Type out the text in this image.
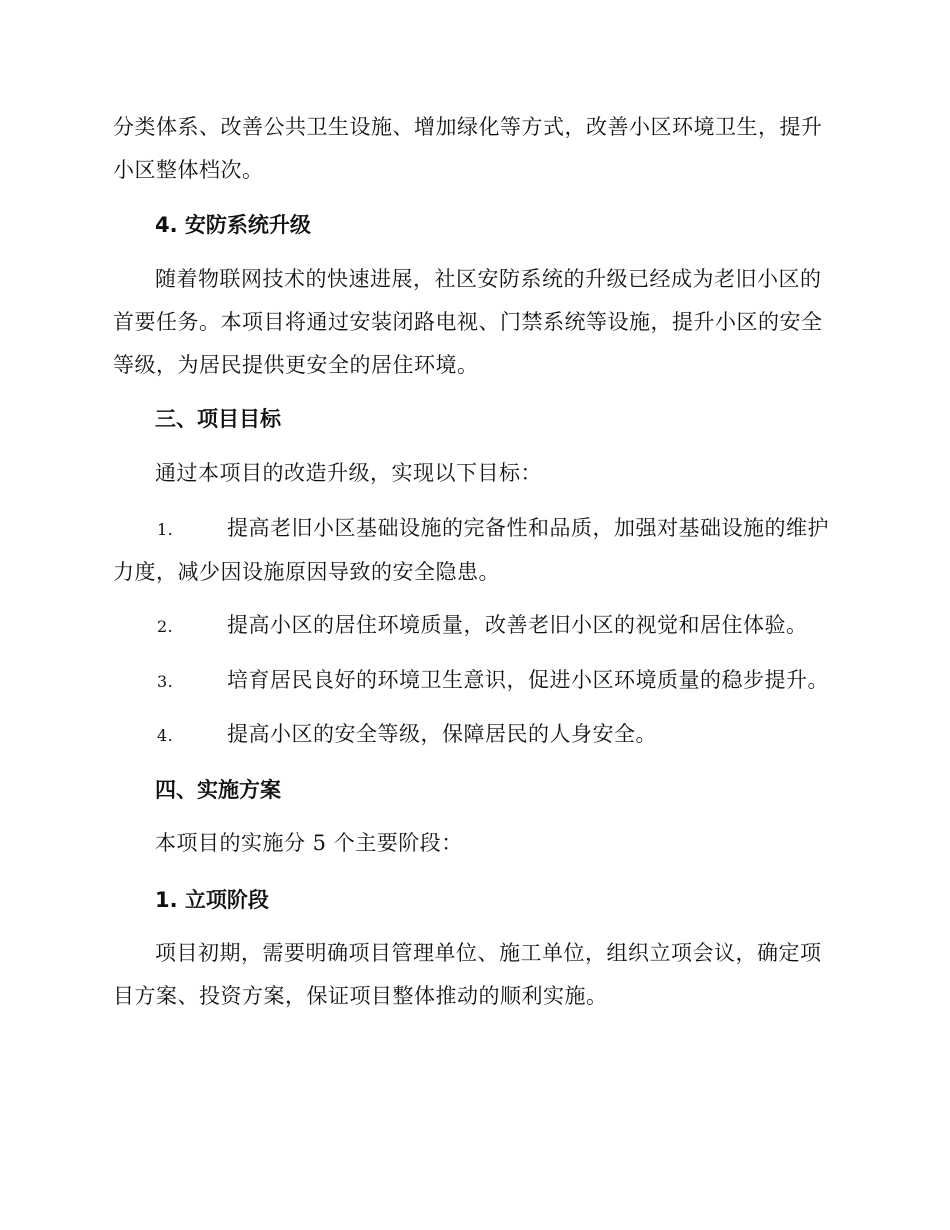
分类体系、改善公共卫生设施、增加绿化等方式，改善小区环境卫生，提升小区整体档次。

4. 安防系统升级

随着物联网技术的快速进展，社区安防系统的升级已经成为老旧小区的首要任务。本项目将通过安装闭路电视、门禁系统等设施，提升小区的安全等级，为居民提供更安全的居住环境。

三、项目目标

通过本项目的改造升级，实现以下目标：

1.	提高老旧小区基础设施的完备性和品质，加强对基础设施的维护力度，减少因设施原因导致的安全隐患。

2.	提高小区的居住环境质量，改善老旧小区的视觉和居住体验。

3.	培育居民良好的环境卫生意识，促进小区环境质量的稳步提升。

4.	提高小区的安全等级，保障居民的人身安全。

四、实施方案

本项目的实施分 5 个主要阶段：

1. 立项阶段

项目初期，需要明确项目管理单位、施工单位，组织立项会议，确定项目方案、投资方案，保证项目整体推动的顺利实施。
